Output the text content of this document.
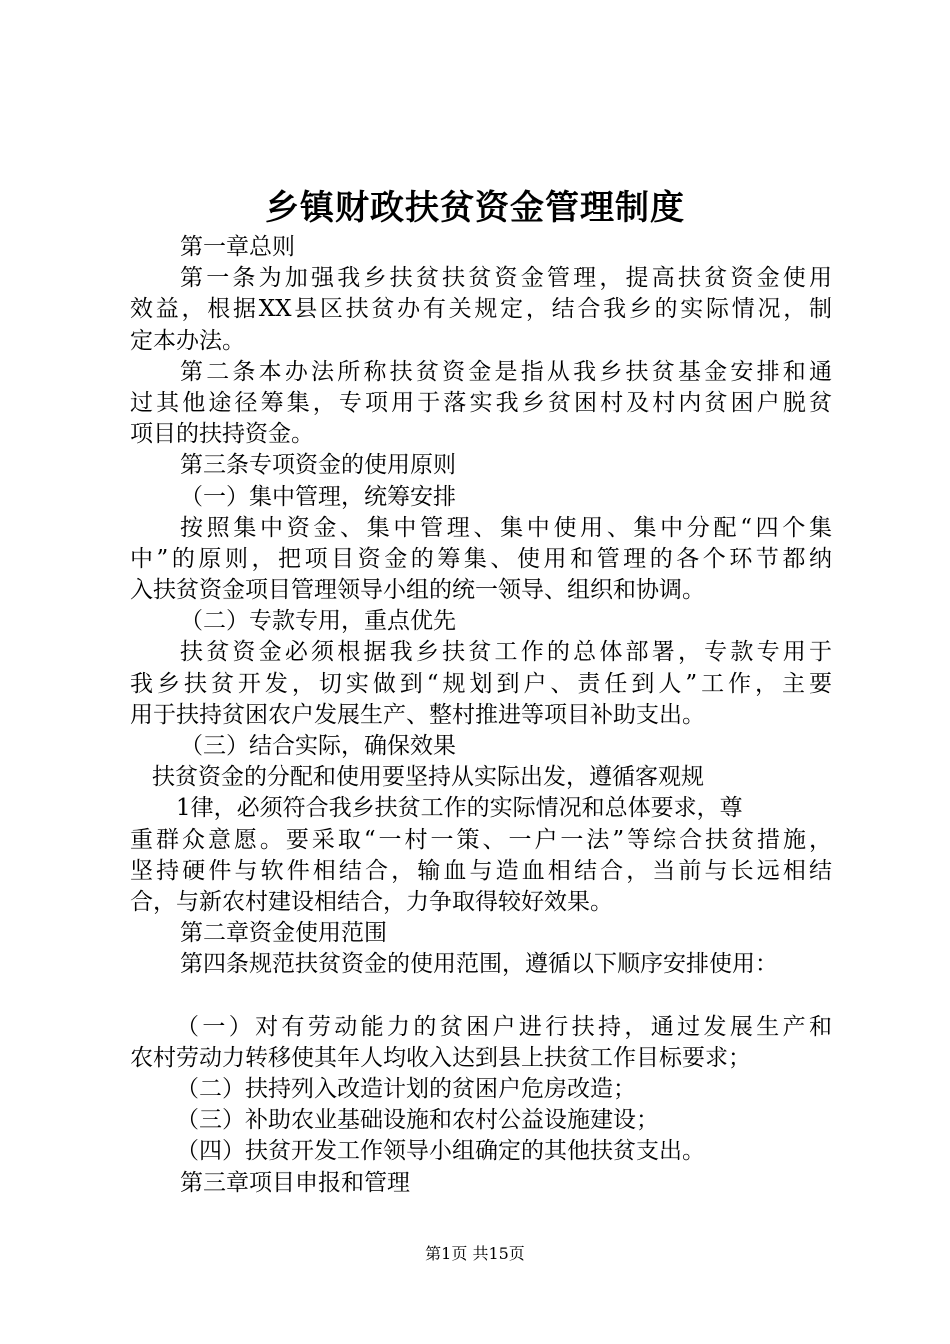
乡镇财政扶贫资金管理制度
第一章总则
第一条为加强我乡扶贫扶贫资金管理，提高扶贫资金使用
效益，根据XX县区扶贫办有关规定，结合我乡的实际情况，制
定本办法。
第二条本办法所称扶贫资金是指从我乡扶贫基金安排和通
过其他途径筹集，专项用于落实我乡贫困村及村内贫困户脱贫
项目的扶持资金。
第三条专项资金的使用原则
（一）集中管理，统筹安排
按照集中资金、集中管理、集中使用、集中分配“四个集
中”的原则，把项目资金的筹集、使用和管理的各个环节都纳
入扶贫资金项目管理领导小组的统一领导、组织和协调。
（二）专款专用，重点优先
扶贫资金必须根据我乡扶贫工作的总体部署，专款专用于
我乡扶贫开发，切实做到“规划到户、责任到人”工作，主要
用于扶持贫困农户发展生产、整村推进等项目补助支出。
（三）结合实际，确保效果
扶贫资金的分配和使用要坚持从实际出发，遵循客观规
1律，必须符合我乡扶贫工作的实际情况和总体要求，尊
重群众意愿。要采取“一村一策、一户一法”等综合扶贫措施，
坚持硬件与软件相结合，输血与造血相结合，当前与长远相结
合，与新农村建设相结合，力争取得较好效果。
第二章资金使用范围
第四条规范扶贫资金的使用范围，遵循以下顺序安排使用：
（一）对有劳动能力的贫困户进行扶持，通过发展生产和
农村劳动力转移使其年人均收入达到县上扶贫工作目标要求；
（二）扶持列入改造计划的贫困户危房改造；
（三）补助农业基础设施和农村公益设施建设；
（四）扶贫开发工作领导小组确定的其他扶贫支出。
第三章项目申报和管理
第1页 共15页
